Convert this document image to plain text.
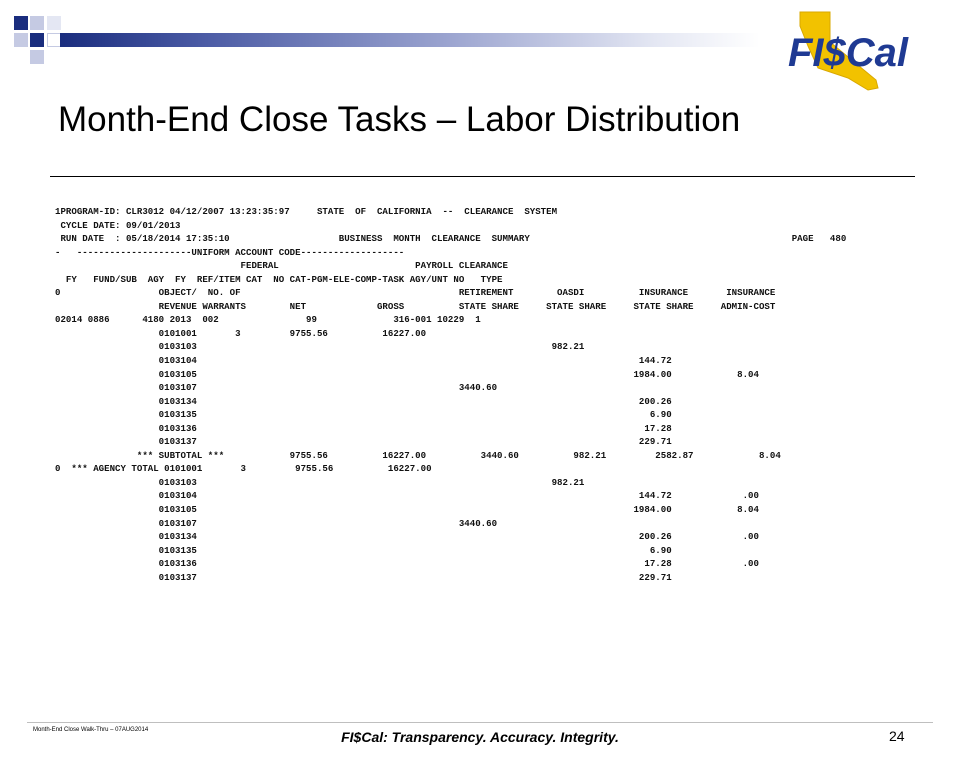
FI$Cal
Month-End Close Tasks – Labor Distribution
1PROGRAM-ID: CLR3012 04/12/2007 13:23:35:97     STATE  OF  CALIFORNIA  --  CLEARANCE  SYSTEM
CYCLE DATE: 09/01/2013
RUN DATE  : 05/18/2014 17:35:10                    BUSINESS  MONTH  CLEARANCE  SUMMARY                                                PAGE   480
-   ---------------------UNIFORM ACCOUNT CODE-------------------
FEDERAL                         PAYROLL CLEARANCE
FY   FUND/SUB  AGY  FY  REF/ITEM CAT  NO CAT-PGM-ELE-COMP-TASK AGY/UNT NO   TYPE
0                  OBJECT/  NO. OF                                        RETIREMENT        OASDI          INSURANCE       INSURANCE
REVENUE WARRANTS        NET             GROSS          STATE SHARE     STATE SHARE     STATE SHARE     ADMIN-COST
02014 0886      4180 2013  002                99              316-001 10229  1
0101001       3         9755.56          16227.00
0103103                                                                 982.21
0103104                                                                                 144.72
0103105                                                                                1984.00            8.04
0103107                                                3440.60
0103134                                                                                 200.26
0103135                                                                                   6.90
0103136                                                                                  17.28
0103137                                                                                 229.71
*** SUBTOTAL ***            9755.56          16227.00          3440.60          982.21         2582.87            8.04
0  *** AGENCY TOTAL 0101001       3         9755.56          16227.00
0103103                                                                 982.21
0103104                                                                                 144.72             .00
0103105                                                                                1984.00            8.04
0103107                                                3440.60
0103134                                                                                 200.26             .00
0103135                                                                                   6.90
0103136                                                                                  17.28             .00
0103137                                                                                 229.71
Month-End Close Walk-Thru – 07AUG2014	FI$Cal: Transparency. Accuracy. Integrity.	24
